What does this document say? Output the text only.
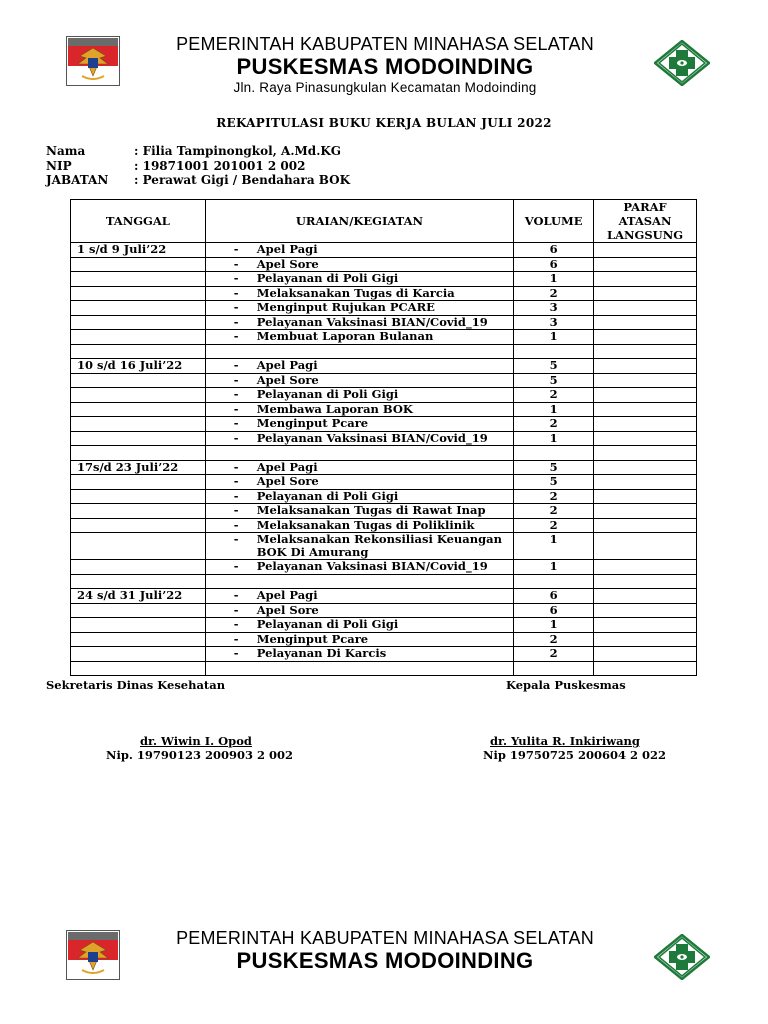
PEMERINTAH KABUPATEN MINAHASA SELATAN
PUSKESMAS MODOINDING
Jln. Raya Pinasungkulan Kecamatan Modoinding
REKAPITULASI BUKU KERJA BULAN JULI 2022
Nama	: Filia Tampinongkol, A.Md.KG
NIP	: 19871001 201001 2 002
JABATAN	: Perawat Gigi / Bendahara BOK
TANGGAL	URAIAN/KEGIATAN	VOLUME	PARAF
ATASAN
LANGSUNG

1 s/d 9 Juli’22	- Apel Pagi	6	

	- Apel Sore	6	

	- Pelayanan di Poli Gigi	1	

	- Melaksanakan Tugas di Karcia	2	

	- Menginput Rujukan PCARE	3	

	- Pelayanan Vaksinasi BIAN/Covid_19	3	

	- Membuat Laporan Bulanan	1	

10 s/d 16 Juli’22	- Apel Pagi	5	

	- Apel Sore	5	

	- Pelayanan di Poli Gigi	2	

	- Membawa Laporan BOK	1	

	- Menginput Pcare	2	

	- Pelayanan Vaksinasi BIAN/Covid_19	1	

17s/d 23 Juli’22	- Apel Pagi	5	

	- Apel Sore	5	

	- Pelayanan di Poli Gigi	2	

	- Melaksanakan Tugas di Rawat Inap	2	

	- Melaksanakan Tugas di Poliklinik	2	

	- Melaksanakan Rekonsiliasi Keuangan BOK Di Amurang	1	

	- Pelayanan Vaksinasi BIAN/Covid_19	1	

24 s/d 31 Juli’22	- Apel Pagi	6	

	- Apel Sore	6	

	- Pelayanan di Poli Gigi	1	

	- Menginput Pcare	2	

	- Pelayanan Di Karcis	2	

Sekretaris Dinas Kesehatan	Kepala Puskesmas
dr. Wiwin I. Opod
Nip. 19790123 200903 2 002
dr. Yulita R. Inkiriwang
Nip 19750725 200604 2 022
PEMERINTAH KABUPATEN MINAHASA SELATAN
PUSKESMAS MODOINDING
